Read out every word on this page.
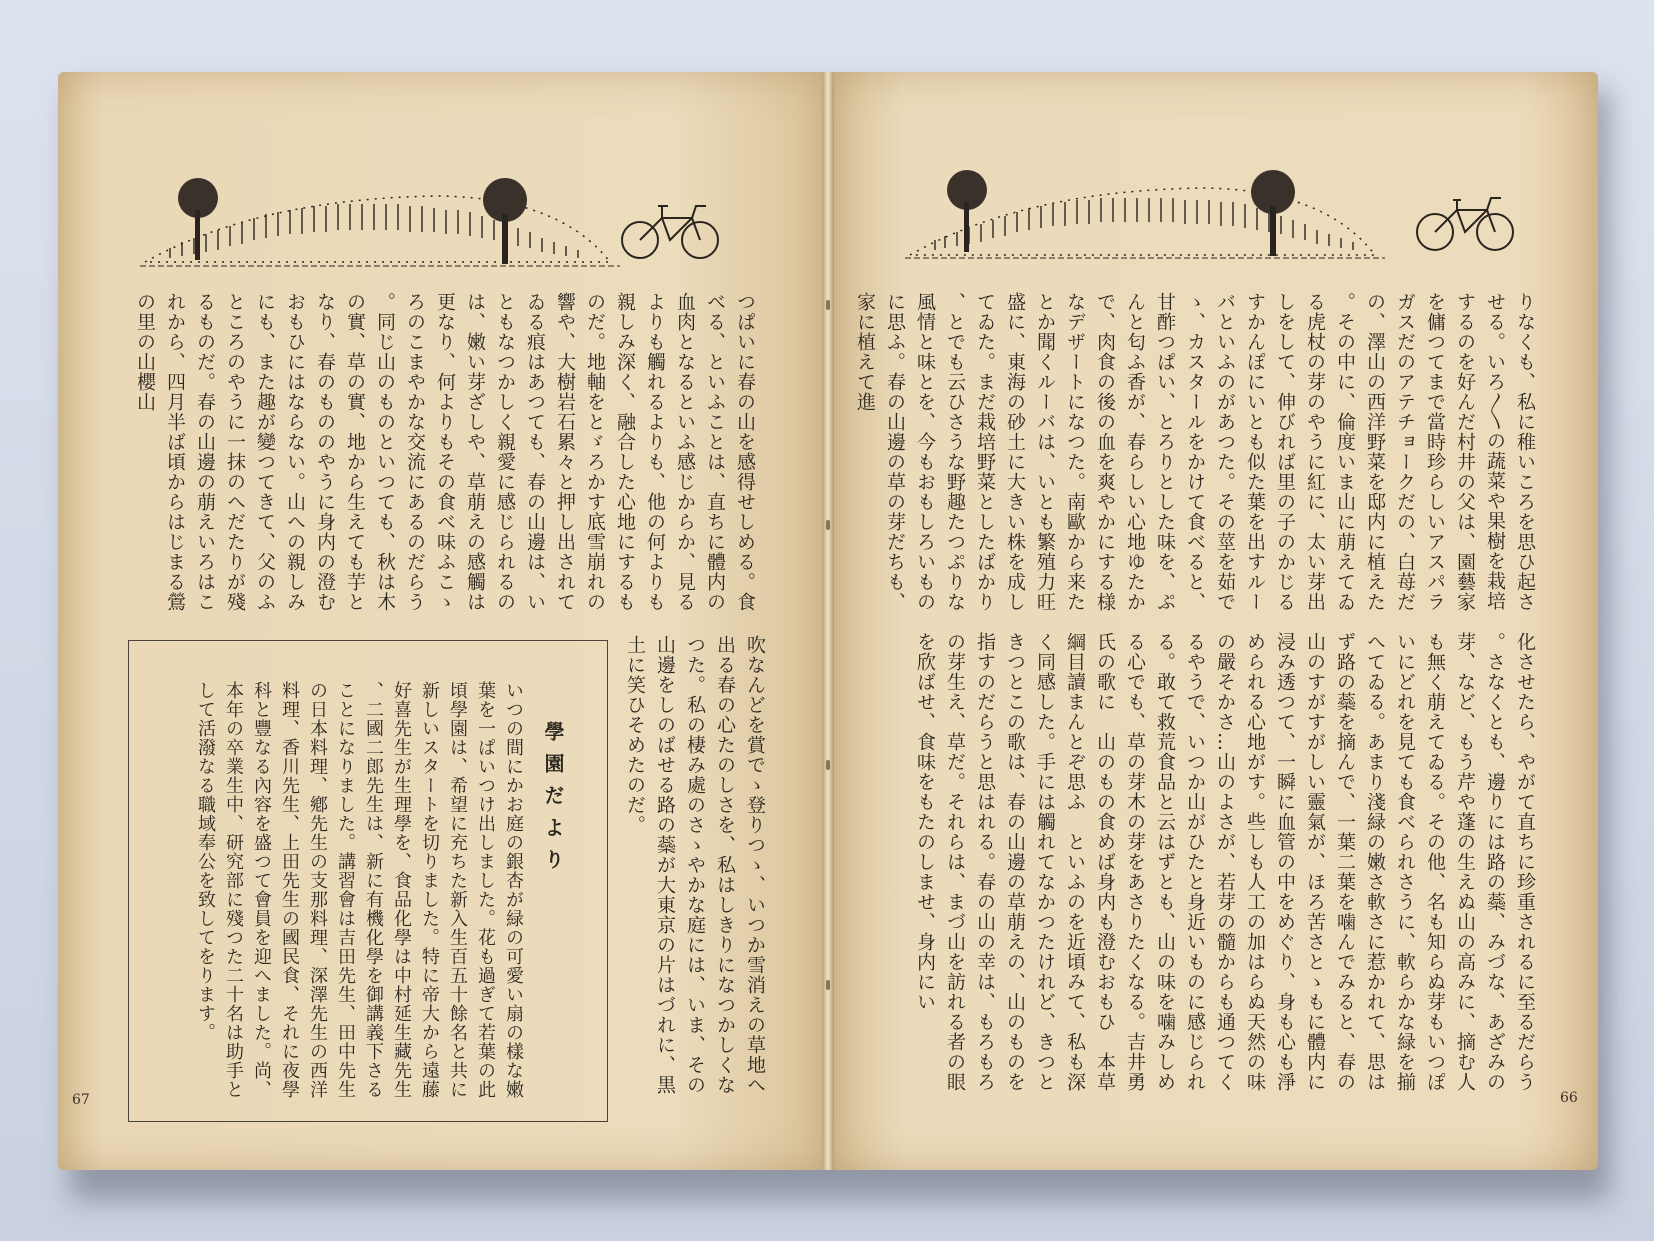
りなくも、私に稚いころを思ひ起さ
せる。いろ〳〵の蔬菜や果樹を栽培
するのを好んだ村井の父は、園藝家
を傭つてまで當時珍らしいアスパラ
ガスだのアテチョークだの、白苺だ
の、澤山の西洋野菜を邸内に植えた
。その中に、倫度いま山に萠えてゐ
る虎杖の芽のやうに紅に、太い芽出
しをして、伸びれば里の子のかじる
すかんぽにいとも似た葉を出すルー
バといふのがあつた。その莖を茹で
ゝ、カスタールをかけて食べると、
甘酢つぱい、とろりとした味を、ぷ
んと匂ふ香が、春らしい心地ゆたか
で、肉食の後の血を爽やかにする様
なデザートになつた。南歐から来た
とか聞くルーバは、いとも繁殖力旺
盛に、東海の砂土に大きい株を成し
てゐた。まだ栽培野菜としたばかり
、とでも云ひさうな野趣たつぷりな
風情と味とを、今もおもしろいもの
に思ふ。春の山邊の草の芽だちも、
家に植えて進
化させたら、やがて直ちに珍重されるに至るだらう
。さなくとも、邊りには路の蘂、みづな、あざみの
芽、など、もう芹や蓬の生えぬ山の高みに、摘む人
も無く萠えてゐる。その他、名も知らぬ芽もいつぽ
いにどれを見ても食べられさうに、軟らかな緑を揃
へてゐる。あまり淺緑の嫩さ軟さに惹かれて、思は
ず路の蘂を摘んで、一葉二葉を噛んでみると、春の
山のすがすがしい靈氣が、ほろ苦さとゝもに體内に
浸み透つて、一瞬に血管の中をめぐり、身も心も淨
められる心地がす。些しも人工の加はらぬ天然の味
の嚴そかさ…山のよさが、若芽の髓からも通つてく
るやうで、いつか山がひたと身近いものに感じられ
る。敢て救荒食品と云はずとも、山の味を噛みしめ
る心でも、草の芽木の芽をあさりたくなる。吉井勇
氏の歌に　山のもの食めば身内も澄むおもひ　本草
綱目讀まんとぞ思ふ　といふのを近頃みて、私も深
く同感した。手には觸れてなかつたけれど、きつと
きつとこの歌は、春の山邊の草萠えの、山のものを
指すのだらうと思はれる。春の山の幸は、もろもろ
の芽生え、草だ。それらは、まづ山を訪れる者の眼
を欣ばせ、食味をもたのしませ、身内にい
66
つぱいに春の山を感得せしめる。食
べる、といふことは、直ちに體内の
血肉となるといふ感じからか、見る
よりも觸れるよりも、他の何よりも
親しみ深く、融合した心地にするも
のだ。地軸をとゞろかす底雪崩れの
響や、大樹岩石累々と押し出されて
ゐる痕はあつても、春の山邊は、い
ともなつかしく親愛に感じられるの
は、嫩い芽ざしや、草萠えの感觸は
更なり、何よりもその食べ味ふこゝ
ろのこまやかな交流にあるのだらう
。同じ山のものといつても、秋は木
の實、草の實、地から生えても芋と
なり、春のもののやうに身内の澄む
おもひにはならない。山への親しみ
にも、また趣が變つてきて、父のふ
ところのやうに一抹のへだたりが殘
るものだ。春の山邊の萠えいろはこ
れから、四月半ば頃からはじまる鶯
の里の山櫻山
吹なんどを賞でゝ登りつゝ、いつか雪消えの草地へ
出る春の心たのしさを、私はしきりになつかしくな
つた。私の棲み處のさゝやかな庭には、いま、その
山邊をしのばせる路の蘂が大東京の片はづれに、黒
土に笑ひそめたのだ。
學園だより
いつの間にかお庭の銀杏が緑の可愛い扇の樣な嫩
葉を一ぱいつけ出しました。花も過ぎて若葉の此
頃學園は、希望に充ちた新入生百五十餘名と共に
新しいスタートを切りました。特に帝大から遠藤
好喜先生が生理學を、食品化學は中村延生藏先生
、二國二郎先生は、新に有機化學を御講義下さる
ことになりました。講習會は吉田先生、田中先生
の日本料理、鄕先生の支那料理、深澤先生の西洋
料理、香川先生、上田先生の國民食、それに夜學
科と豐なる內容を盛つて會員を迎へました。尚、
本年の卒業生中、研究部に殘つた二十名は助手と
して活潑なる職域奉公を致してをります。
67
